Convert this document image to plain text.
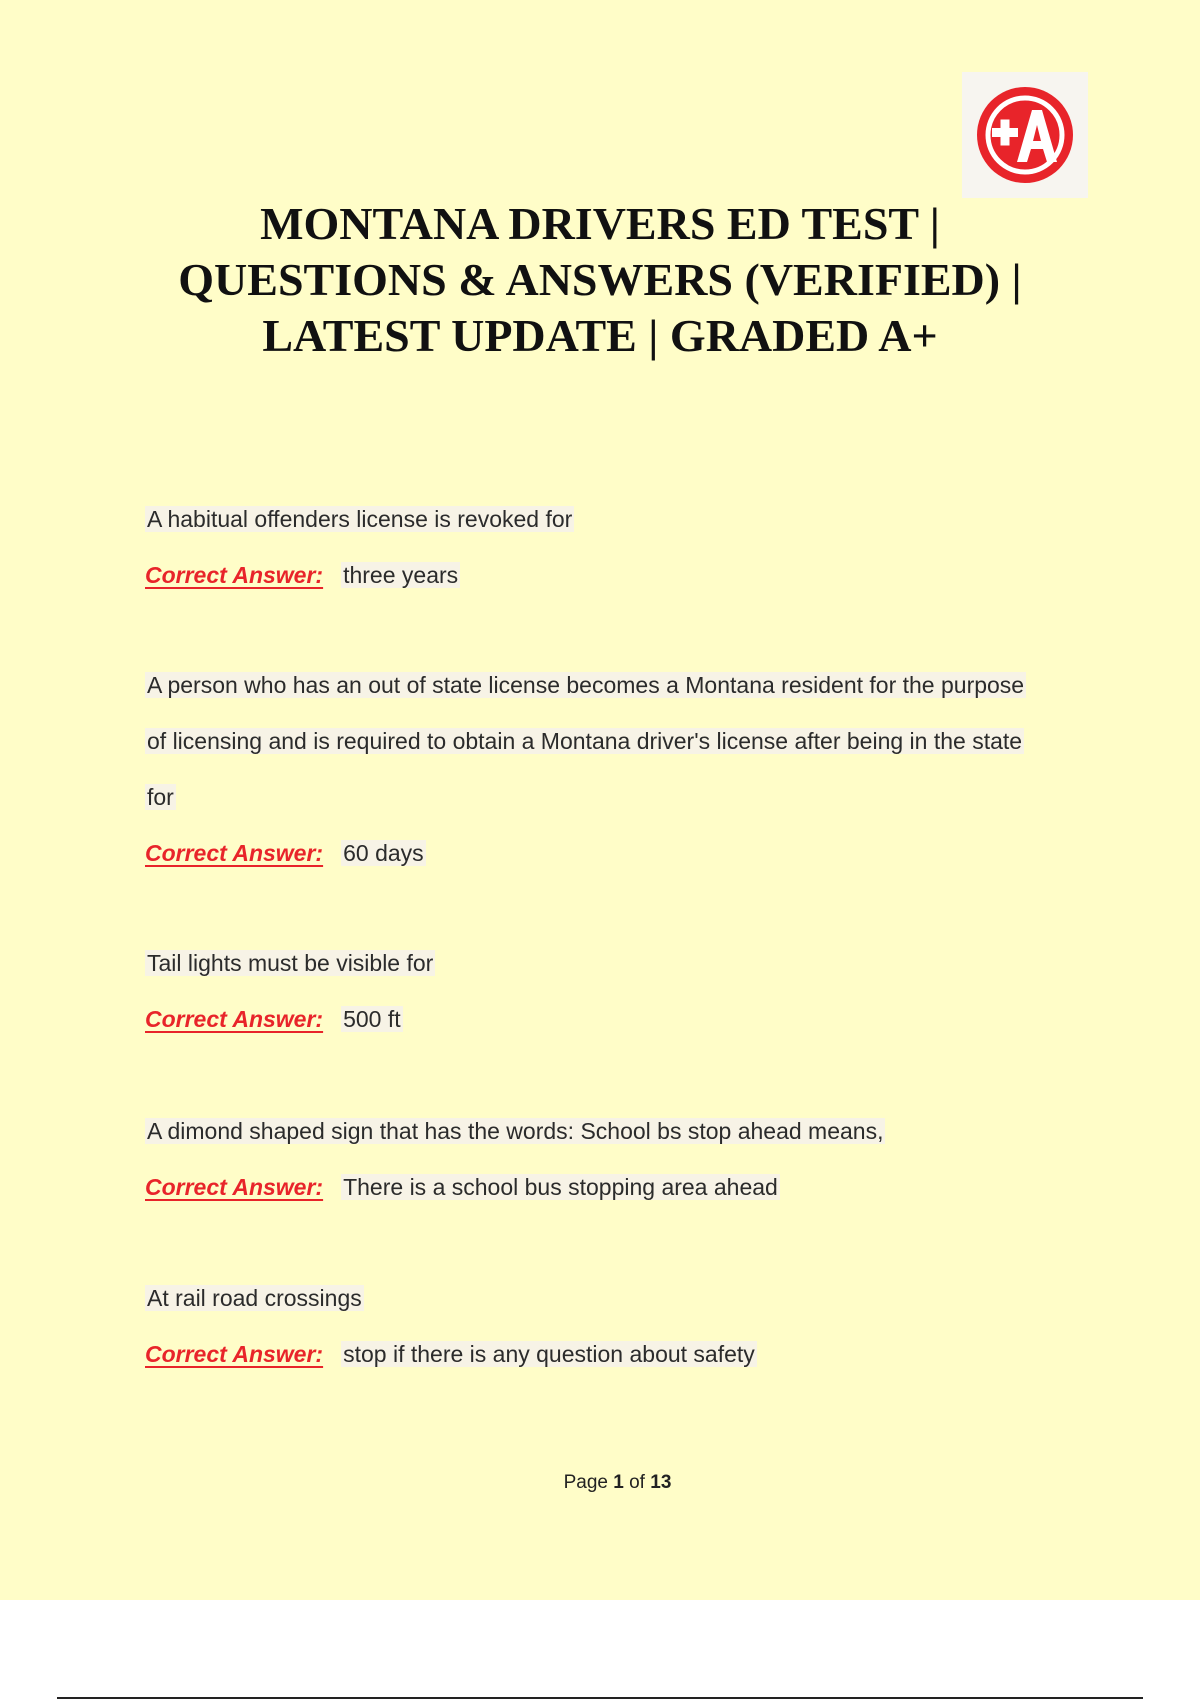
MONTANA DRIVERS ED TEST |
QUESTIONS & ANSWERS (VERIFIED) |
LATEST UPDATE | GRADED A+
A habitual offenders license is revoked for
Correct Answer: three years
A person who has an out of state license becomes a Montana resident for the purpose
of licensing and is required to obtain a Montana driver's license after being in the state
for
Correct Answer: 60 days
Tail lights must be visible for
Correct Answer: 500 ft
A dimond shaped sign that has the words: School bs stop ahead means,
Correct Answer: There is a school bus stopping area ahead
At rail road crossings
Correct Answer: stop if there is any question about safety
Page 1 of 13
